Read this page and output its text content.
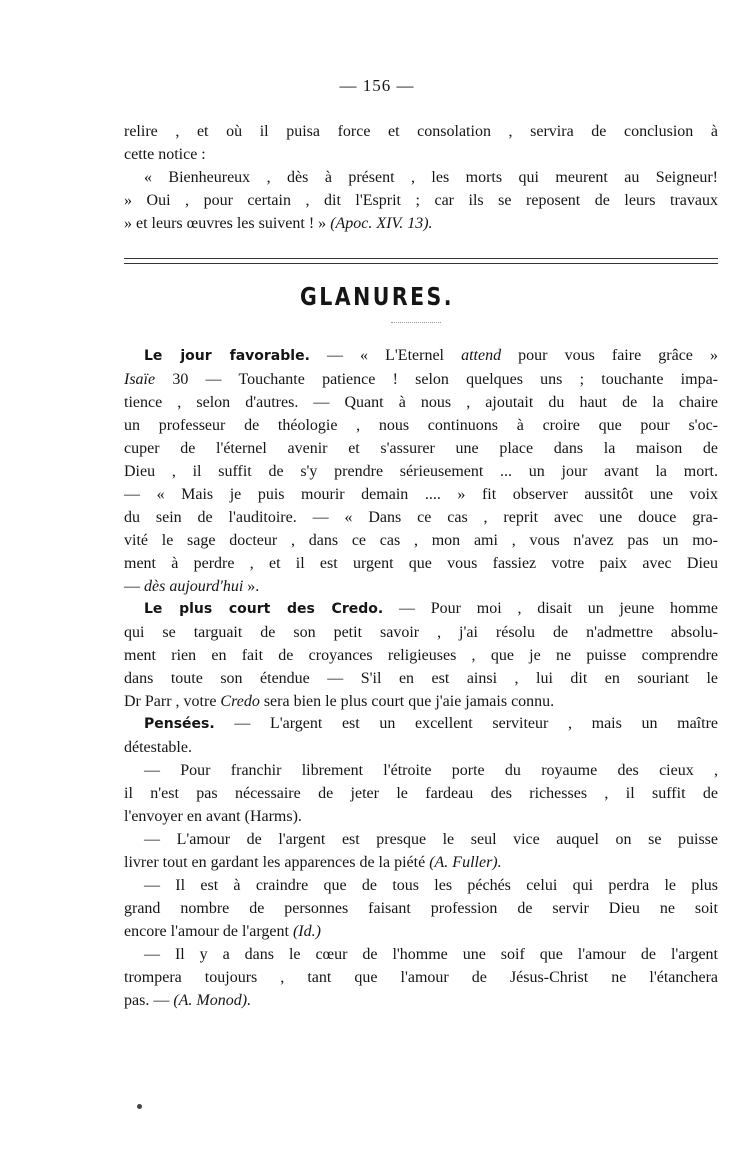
— 156 —

relire , et où il puisa force et consolation , servira de conclusion à
cette notice :
« Bienheureux , dès à présent , les morts qui meurent au Seigneur!
» Oui , pour certain , dit l'Esprit ; car ils se reposent de leurs travaux
» et leurs œuvres les suivent ! » (Apoc. XIV. 13).

GLANURES.

Le jour favorable. — « L'Eternel attend pour vous faire grâce »
Isaïe 30 — Touchante patience ! selon quelques uns ; touchante impa-
tience , selon d'autres. — Quant à nous , ajoutait du haut de la chaire
un professeur de théologie , nous continuons à croire que pour s'oc-
cuper de l'éternel avenir et s'assurer une place dans la maison de
Dieu , il suffit de s'y prendre sérieusement ... un jour avant la mort.
— « Mais je puis mourir demain .... » fit observer aussitôt une voix
du sein de l'auditoire. — « Dans ce cas , reprit avec une douce gra-
vité le sage docteur , dans ce cas , mon ami , vous n'avez pas un mo-
ment à perdre , et il est urgent que vous fassiez votre paix avec Dieu
— dès aujourd'hui ».

Le plus court des Credo. — Pour moi , disait un jeune homme
qui se targuait de son petit savoir , j'ai résolu de n'admettre absolu-
ment rien en fait de croyances religieuses , que je ne puisse comprendre
dans toute son étendue — S'il en est ainsi , lui dit en souriant le
Dr Parr , votre Credo sera bien le plus court que j'aie jamais connu.

Pensées. — L'argent est un excellent serviteur , mais un maître
détestable.
— Pour franchir librement l'étroite porte du royaume des cieux ,
il n'est pas nécessaire de jeter le fardeau des richesses , il suffit de
l'envoyer en avant (Harms).
— L'amour de l'argent est presque le seul vice auquel on se puisse
livrer tout en gardant les apparences de la piété (A. Fuller).
— Il est à craindre que de tous les péchés celui qui perdra le plus
grand nombre de personnes faisant profession de servir Dieu ne soit
encore l'amour de l'argent (Id.)
— Il y a dans le cœur de l'homme une soif que l'amour de l'argent
trompera toujours , tant que l'amour de Jésus-Christ ne l'étanchera
pas. — (A. Monod).
